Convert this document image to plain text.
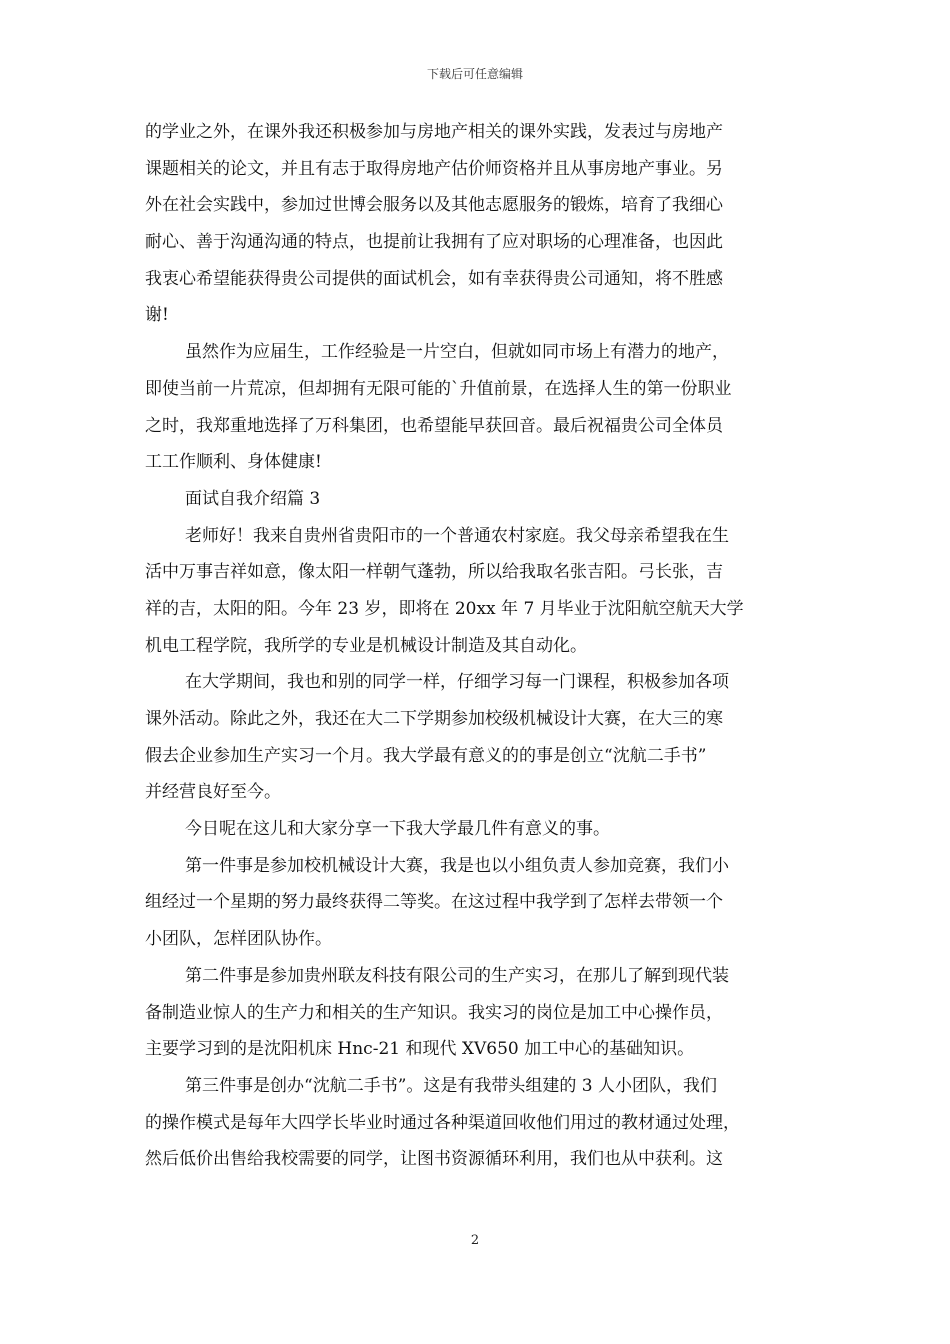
下载后可任意编辑
的学业之外，在课外我还积极参加与房地产相关的课外实践，发表过与房地产
课题相关的论文，并且有志于取得房地产估价师资格并且从事房地产事业。另
外在社会实践中，参加过世博会服务以及其他志愿服务的锻炼，培育了我细心
耐心、善于沟通沟通的特点，也提前让我拥有了应对职场的心理准备，也因此
我衷心希望能获得贵公司提供的面试机会，如有幸获得贵公司通知，将不胜感
谢!
虽然作为应届生，工作经验是一片空白，但就如同市场上有潜力的地产，
即使当前一片荒凉，但却拥有无限可能的`升值前景，在选择人生的第一份职业
之时，我郑重地选择了万科集团，也希望能早获回音。最后祝福贵公司全体员
工工作顺利、身体健康!
面试自我介绍篇 3
老师好！我来自贵州省贵阳市的一个普通农村家庭。我父母亲希望我在生
活中万事吉祥如意，像太阳一样朝气蓬勃，所以给我取名张吉阳。弓长张，吉
祥的吉，太阳的阳。今年 23 岁，即将在 20xx 年 7 月毕业于沈阳航空航天大学
机电工程学院，我所学的专业是机械设计制造及其自动化。
在大学期间，我也和别的同学一样，仔细学习每一门课程，积极参加各项
课外活动。除此之外，我还在大二下学期参加校级机械设计大赛，在大三的寒
假去企业参加生产实习一个月。我大学最有意义的的事是创立“沈航二手书”
并经营良好至今。
今日呢在这儿和大家分享一下我大学最几件有意义的事。
第一件事是参加校机械设计大赛，我是也以小组负责人参加竞赛，我们小
组经过一个星期的努力最终获得二等奖。在这过程中我学到了怎样去带领一个
小团队，怎样团队协作。
第二件事是参加贵州联友科技有限公司的生产实习，在那儿了解到现代装
备制造业惊人的生产力和相关的生产知识。我实习的岗位是加工中心操作员，
主要学习到的是沈阳机床 Hnc-21 和现代 XV650 加工中心的基础知识。
第三件事是创办“沈航二手书”。这是有我带头组建的 3 人小团队，我们
的操作模式是每年大四学长毕业时通过各种渠道回收他们用过的教材通过处理，
然后低价出售给我校需要的同学，让图书资源循环利用，我们也从中获利。这
2
